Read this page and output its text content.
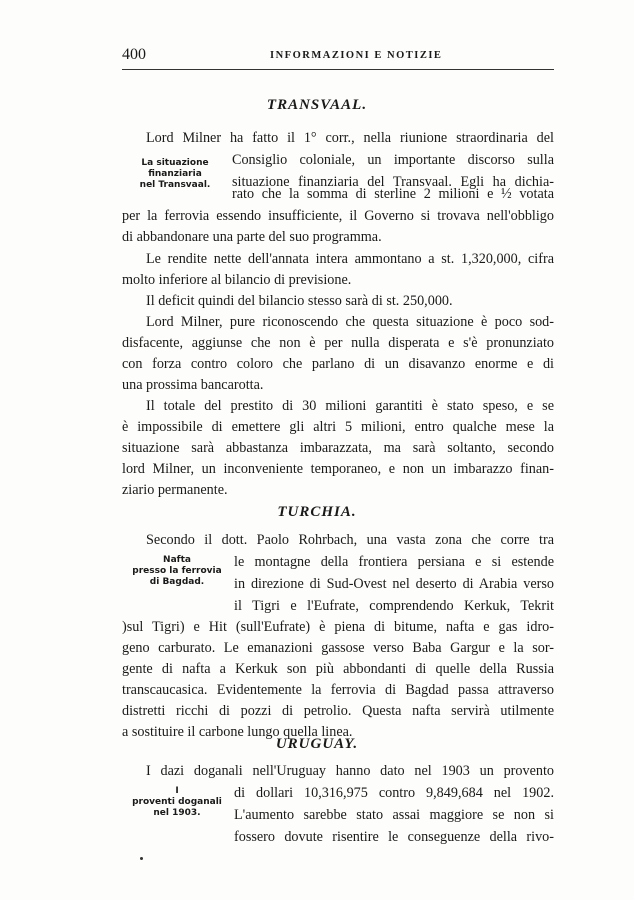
400	INFORMAZIONI E NOTIZIE
TRANSVAAL.
La situazione
finanziaria
nel Transvaal.
Lord Milner ha fatto il 1° corr., nella riunione straordinaria del
Consiglio coloniale, un importante discorso sulla
situazione finanziaria del Transvaal. Egli ha dichia-
rato che la somma di sterline 2 milioni e ½ votata
per la ferrovia essendo insufficiente, il Governo si trovava nell'obbligo
di abbandonare una parte del suo programma.
Le rendite nette dell'annata intera ammontano a st. 1,320,000, cifra
molto inferiore al bilancio di previsione.
Il deficit quindi del bilancio stesso sarà di st. 250,000.
Lord Milner, pure riconoscendo che questa situazione è poco sod-
disfacente, aggiunse che non è per nulla disperata e s'è pronunziato
con forza contro coloro che parlano di un disavanzo enorme e di
una prossima bancarotta.
Il totale del prestito di 30 milioni garantiti è stato speso, e se
è impossibile di emettere gli altri 5 milioni, entro qualche mese la
situazione sarà abbastanza imbarazzata, ma sarà soltanto, secondo
lord Milner, un inconveniente temporaneo, e non un imbarazzo finan-
ziario permanente.
TURCHIA.
Nafta
presso la ferrovia
di Bagdad.
Secondo il dott. Paolo Rohrbach, una vasta zona che corre tra
le montagne della frontiera persiana e si estende
in direzione di Sud-Ovest nel deserto di Arabia verso
il Tigri e l'Eufrate, comprendendo Kerkuk, Tekrit
)sul Tigri) e Hit (sull'Eufrate) è piena di bitume, nafta e gas idro-
geno carburato. Le emanazioni gassose verso Baba Gargur e la sor-
gente di nafta a Kerkuk son più abbondanti di quelle della Russia
transcaucasica. Evidentemente la ferrovia di Bagdad passa attraverso
distretti ricchi di pozzi di petrolio. Questa nafta servirà utilmente
a sostituire il carbone lungo quella linea.
URUGUAY.
I
proventi doganali
nel 1903.
I dazi doganali nell'Uruguay hanno dato nel 1903 un provento
di dollari 10,316,975 contro 9,849,684 nel 1902.
L'aumento sarebbe stato assai maggiore se non si
fossero dovute risentire le conseguenze della rivo-
